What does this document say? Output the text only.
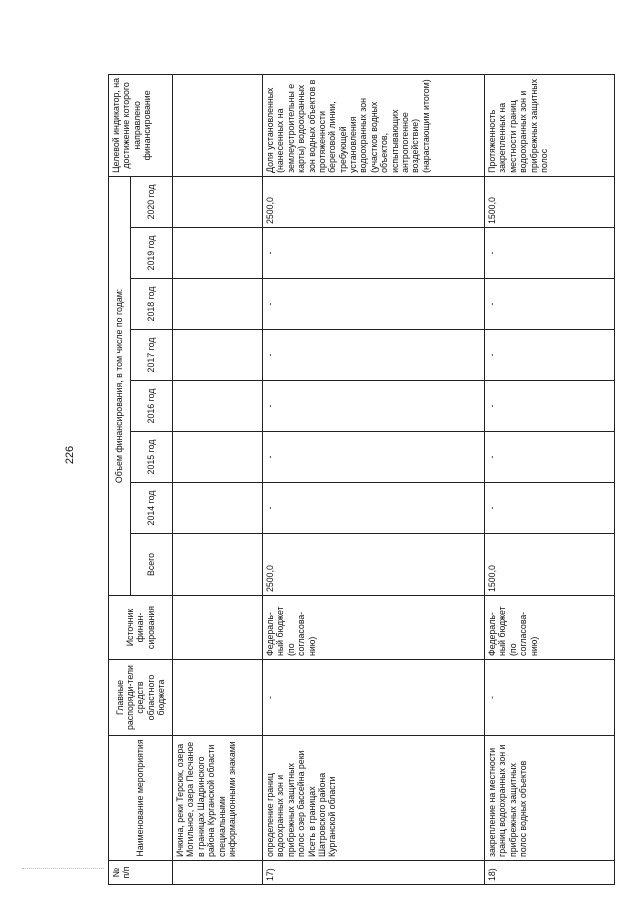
226
№ п/п	Наименование мероприятия	Главные распоряди-тели средств областного бюджета	Источник финан-сирования	Объем финансирования, в том числе по годам:								Целевой индикатор, на достижение которого направлено финансирование
				Всего	2014 год	2015 год	2016 год	2017 год	2018 год	2019 год	2020 год	
	Ичкина, реки Терсюк, озера Могильное, озера Песчаное в границах Шадринского района Курганской области специальными информационными знаками											
17)	определение границ водоохранных зон и прибрежных защитных полос озер бассейна реки Исеть в границах Шатровского района Курганской области	-	Федераль-ный бюджет (по согласова-нию)	2500,0	-	-	-	-	-	-	2500,0	Доля установленных (нанесенных на землеустроительны е карты) водоохранных зон водных объектов в протяженности береговой линии, требующей установления водоохранных зон (участков водных объектов, испытывающих антропогенное воздействие) (нарастающим итогом)
18)	закрепление на местности границ водоохранных зон и прибрежных защитных полос водных объектов	-	Федераль-ный бюджет (по согласова-нию)	1500,0	-	-	-	-	-	-	1500,0	Протяженность закрепленных на местности границ водоохранных зон и прибрежных защитных полос
